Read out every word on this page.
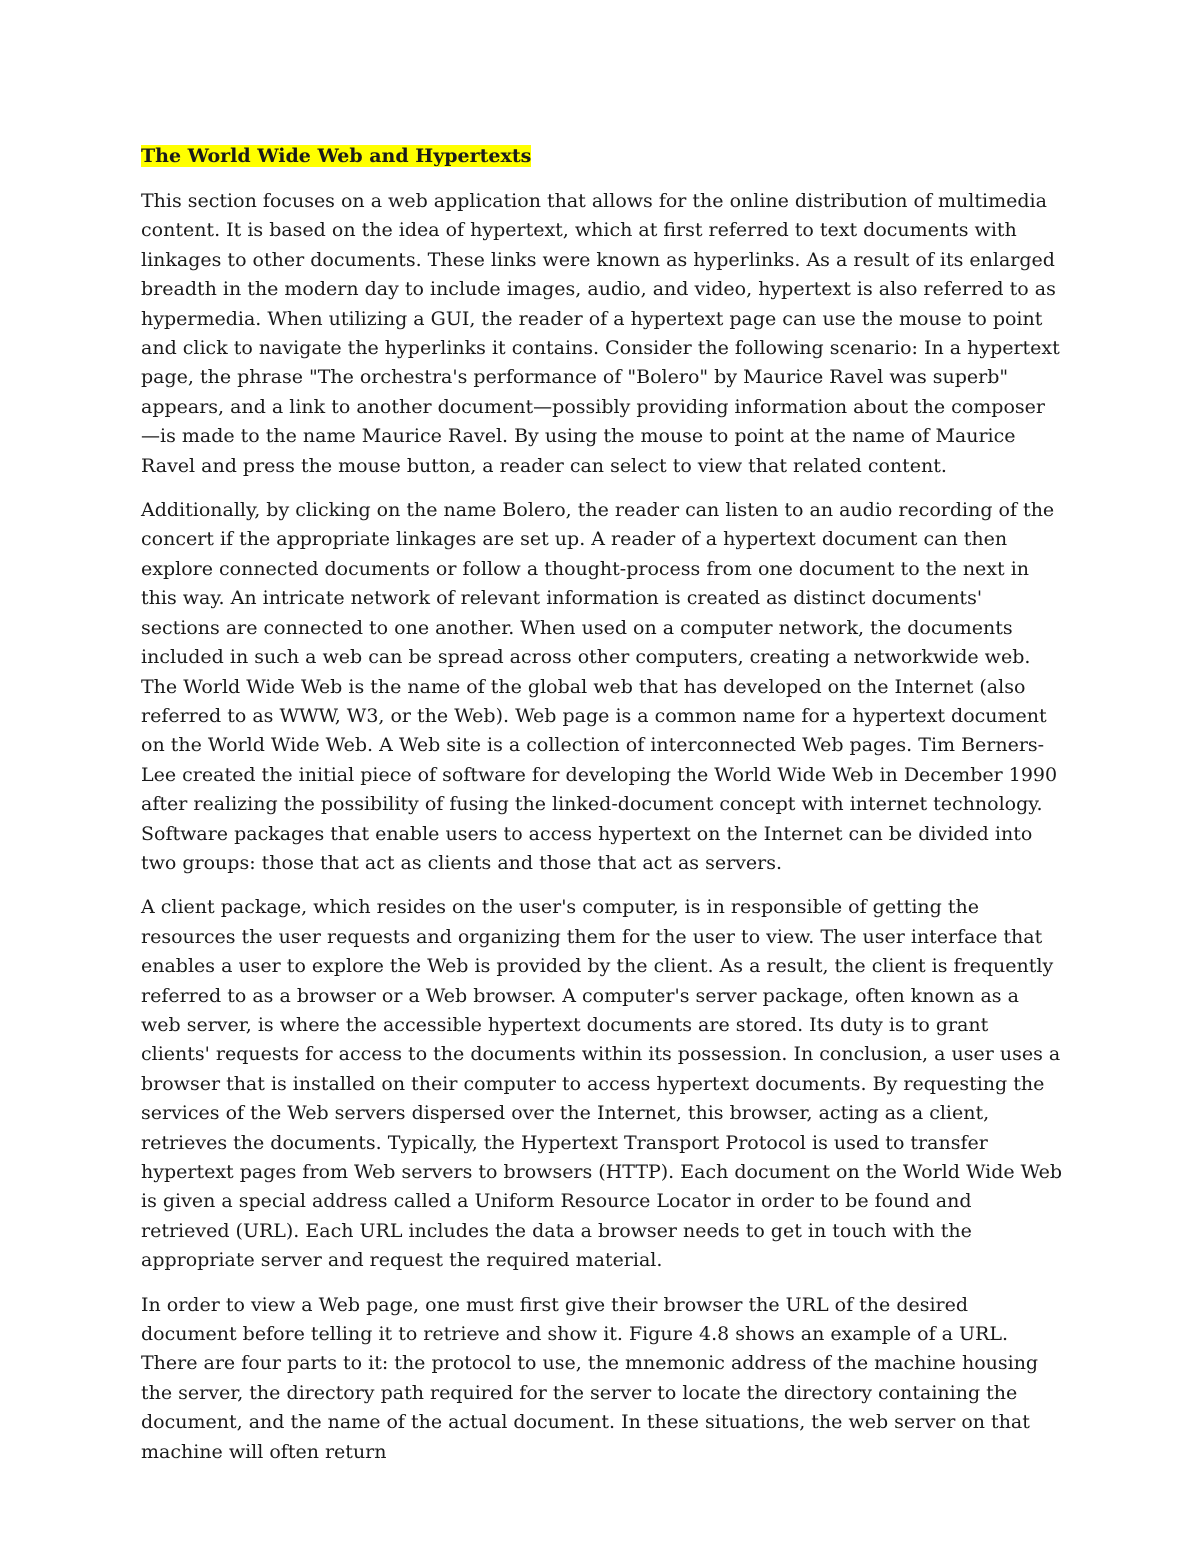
The World Wide Web and Hypertexts

This section focuses on a web application that allows for the online distribution of multimedia content. It is based on the idea of hypertext, which at first referred to text documents with linkages to other documents. These links were known as hyperlinks. As a result of its enlarged breadth in the modern day to include images, audio, and video, hypertext is also referred to as hypermedia. When utilizing a GUI, the reader of a hypertext page can use the mouse to point and click to navigate the hyperlinks it contains. Consider the following scenario: In a hypertext page, the phrase "The orchestra's performance of "Bolero" by Maurice Ravel was superb" appears, and a link to another document—possibly providing information about the composer—is made to the name Maurice Ravel. By using the mouse to point at the name of Maurice Ravel and press the mouse button, a reader can select to view that related content.

Additionally, by clicking on the name Bolero, the reader can listen to an audio recording of the concert if the appropriate linkages are set up. A reader of a hypertext document can then explore connected documents or follow a thought-process from one document to the next in this way. An intricate network of relevant information is created as distinct documents' sections are connected to one another. When used on a computer network, the documents included in such a web can be spread across other computers, creating a networkwide web. The World Wide Web is the name of the global web that has developed on the Internet (also referred to as WWW, W3, or the Web). Web page is a common name for a hypertext document on the World Wide Web. A Web site is a collection of interconnected Web pages. Tim Berners-Lee created the initial piece of software for developing the World Wide Web in December 1990 after realizing the possibility of fusing the linked-document concept with internet technology. Software packages that enable users to access hypertext on the Internet can be divided into two groups: those that act as clients and those that act as servers.

A client package, which resides on the user's computer, is in responsible of getting the resources the user requests and organizing them for the user to view. The user interface that enables a user to explore the Web is provided by the client. As a result, the client is frequently referred to as a browser or a Web browser. A computer's server package, often known as a web server, is where the accessible hypertext documents are stored. Its duty is to grant clients' requests for access to the documents within its possession. In conclusion, a user uses a browser that is installed on their computer to access hypertext documents. By requesting the services of the Web servers dispersed over the Internet, this browser, acting as a client, retrieves the documents. Typically, the Hypertext Transport Protocol is used to transfer hypertext pages from Web servers to browsers (HTTP). Each document on the World Wide Web is given a special address called a Uniform Resource Locator in order to be found and retrieved (URL). Each URL includes the data a browser needs to get in touch with the appropriate server and request the required material.

In order to view a Web page, one must first give their browser the URL of the desired document before telling it to retrieve and show it. Figure 4.8 shows an example of a URL. There are four parts to it: the protocol to use, the mnemonic address of the machine housing the server, the directory path required for the server to locate the directory containing the document, and the name of the actual document. In these situations, the web server on that machine will often return
